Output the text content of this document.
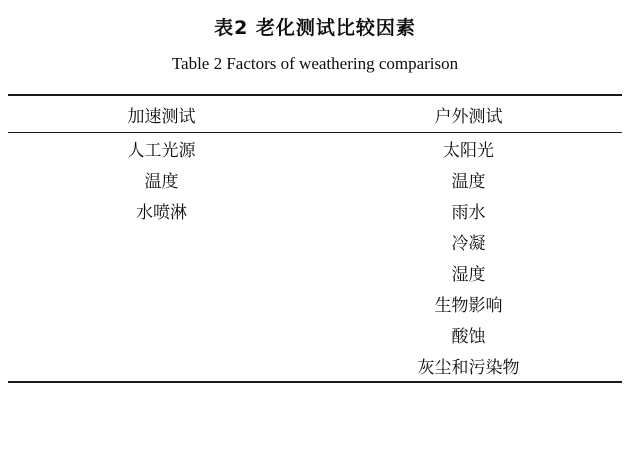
表2 老化测试比较因素
Table 2 Factors of weathering comparison
加速测试	户外测试
人工光源	太阳光
温度	温度
水喷淋	雨水
	冷凝
	湿度
	生物影响
	酸蚀
	灰尘和污染物
